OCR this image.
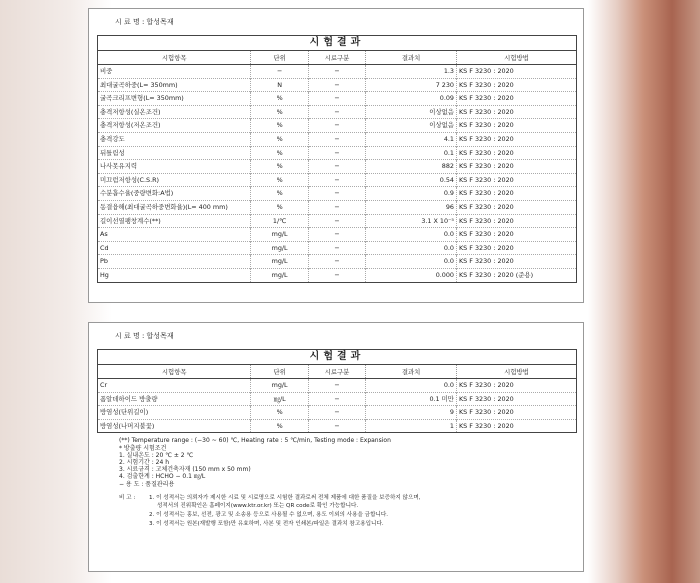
시 료 명 : 합성목재
시험결과
시험항목	단위	시료구분	결과치	시험방법
비중	−	−	1.3	KS F 3230 : 2020
최대굴곡하중(L= 350mm)	N	−	7 230	KS F 3230 : 2020
굴곡크리프변형(L= 350mm)	%	−	0.09	KS F 3230 : 2020
충격저항성(실온조건)	%	−	이상없음	KS F 3230 : 2020
충격저항성(저온조건)	%	−	이상없음	KS F 3230 : 2020
충격강도	%	−	4.1	KS F 3230 : 2020
뒤틀림성	%	−	0.1	KS F 3230 : 2020
나사못유지력	%	−	882	KS F 3230 : 2020
미끄럼저항성(C.S.R)	%	−	0.54	KS F 3230 : 2020
수분흡수율(중량변화:A법)	%	−	0.9	KS F 3230 : 2020
동결융해(최대굴곡하중변화율)(L= 400 mm)	%	−	96	KS F 3230 : 2020
길이선열팽창계수(**)	1/℃	−	3.1 X 10⁻⁵	KS F 3230 : 2020
As	mg/L	−	0.0	KS F 3230 : 2020
Cd	mg/L	−	0.0	KS F 3230 : 2020
Pb	mg/L	−	0.0	KS F 3230 : 2020
Hg	mg/L	−	0.000	KS F 3230 : 2020 (준용)
시 료 명 : 합성목재
시험결과
시험항목	단위	시료구분	결과치	시험방법
Cr	mg/L	−	0.0	KS F 3230 : 2020
폼알데하이드 방출량	㎎/L	−	0.1 미만	KS F 3230 : 2020
방염성(단위길이)	%	−	9	KS F 3230 : 2020
방염성(나머지불꽃)	%	−	1	KS F 3230 : 2020
(**) Temperature range : (−30 ~ 60) ℃, Heating rate : 5 ℃/min, Testing mode : Expansion
* 방출량 시험조건
1. 실내온도 : 20 ℃ ± 2 ℃
2. 시험기간 : 24 h
3. 시료규격 : 고체건축자재 (150 mm x 50 mm)
4. 검출한계 : HCHO − 0.1 ㎎/L
− 용 도 : 품질관리용
비 고 :	1. 이 성적서는 의뢰자가 제시한 시료 및 시료명으로 시험한 결과로써 전체 제품에 대한 품질을 보증하지 않으며,
성적서의 진위확인은 홈페이지(www.ktr.or.kr) 또는 QR code로 확인 가능합니다.
2. 이 성적서는 홍보, 선전, 광고 및 소송용 등으로 사용될 수 없으며, 용도 이외의 사용을 금합니다.
3. 이 성적서는 원본(재발행 포함)만 유효하며, 사본 및 전자 인쇄본/파일은 결과치 참고용입니다.
